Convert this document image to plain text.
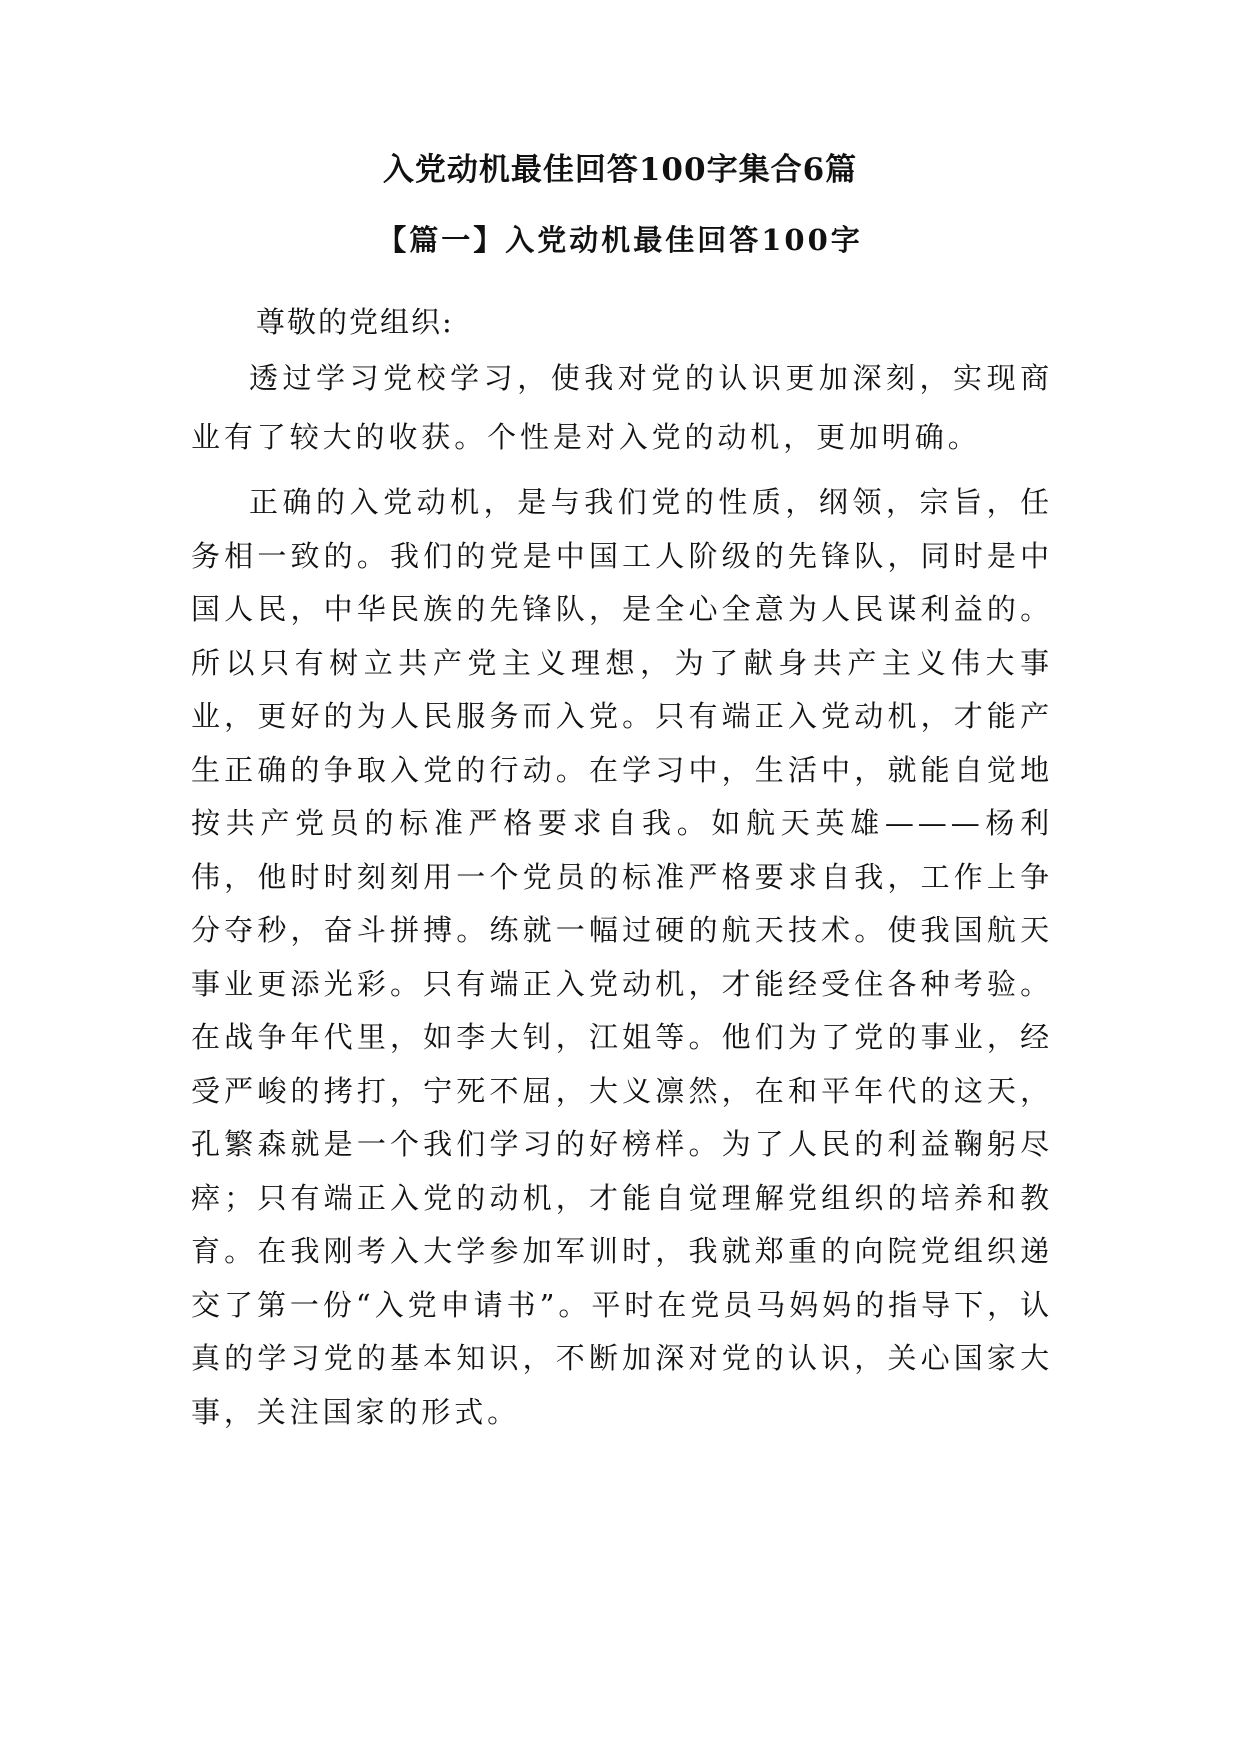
入党动机最佳回答100字集合6篇
【篇一】入党动机最佳回答100字

尊敬的党组织:

透过学习党校学习，使我对党的认识更加深刻，实现商业有了较大的收获。个性是对入党的动机，更加明确。

正确的入党动机，是与我们党的性质，纲领，宗旨，任务相一致的。我们的党是中国工人阶级的先锋队，同时是中国人民，中华民族的先锋队，是全心全意为人民谋利益的。所以只有树立共产党主义理想，为了献身共产主义伟大事业，更好的为人民服务而入党。只有端正入党动机，才能产生正确的争取入党的行动。在学习中，生活中，就能自觉地按共产党员的标准严格要求自我。如航天英雄———杨利伟，他时时刻刻用一个党员的标准严格要求自我，工作上争分夺秒，奋斗拼搏。练就一幅过硬的航天技术。使我国航天事业更添光彩。只有端正入党动机，才能经受住各种考验。在战争年代里，如李大钊，江姐等。他们为了党的事业，经受严峻的拷打，宁死不屈，大义凛然，在和平年代的这天，孔繁森就是一个我们学习的好榜样。为了人民的利益鞠躬尽瘁；只有端正入党的动机，才能自觉理解党组织的培养和教育。在我刚考入大学参加军训时，我就郑重的向院党组织递交了第一份“入党申请书”。平时在党员马妈妈的指导下，认真的学习党的基本知识，不断加深对党的认识，关心国家大事，关注国家的形式。
